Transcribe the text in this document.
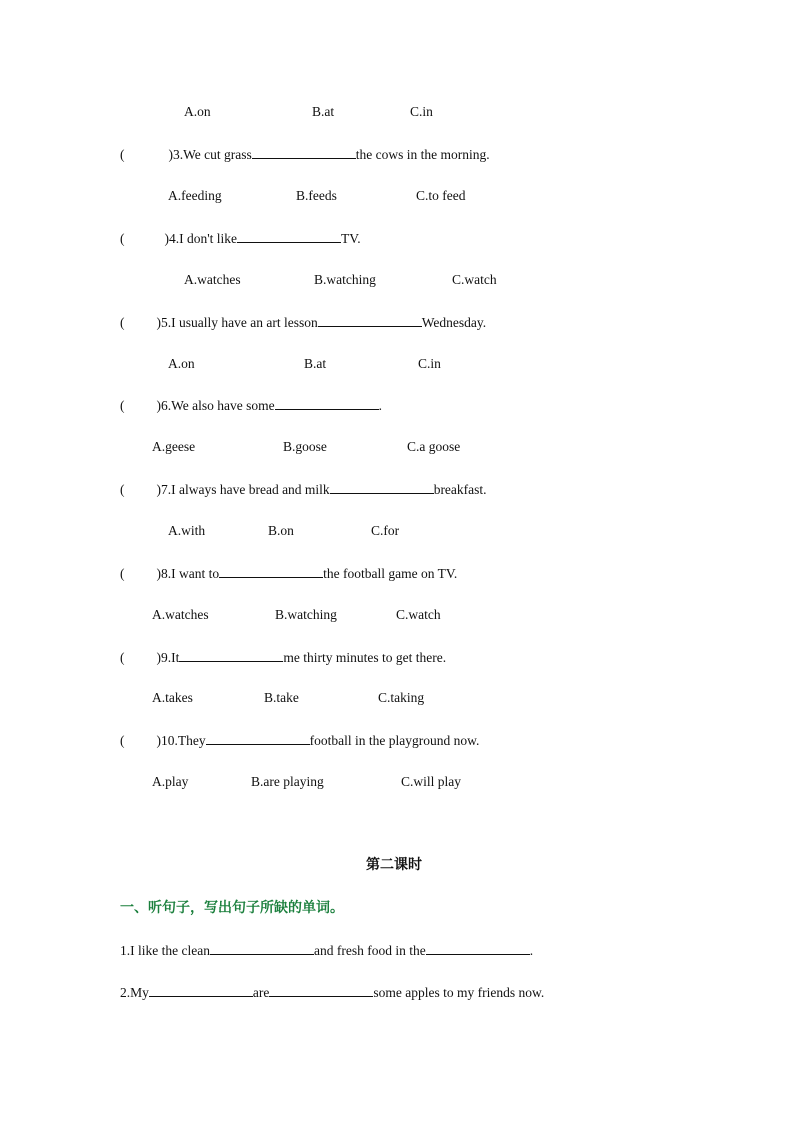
A.on	B.at	C.in
(	)3.We cut grass	the cows in the morning.
A.feeding	B.feeds	C.to feed
(	)4.I don't like	TV.
A.watches	B.watching	C.watch
( )5.I usually have an art lesson	Wednesday.
A.on	B.at	C.in
( )6.We also have some	.
A.geese	B.goose	C.a goose
( )7.I always have bread and milk	breakfast.
A.with	B.on	C.for
( )8.I want to	the football game on TV.
A.watches	B.watching	C.watch
( )9.It	me thirty minutes to get there.
A.takes	B.take	C.taking
( )10.They	football in the playground now.
A.play	B.are playing	C.will play
第二课时
一、听句子，写出句子所缺的单词。
1.I like the clean	and fresh food in the	.
2.My	are	some apples to my friends now.
